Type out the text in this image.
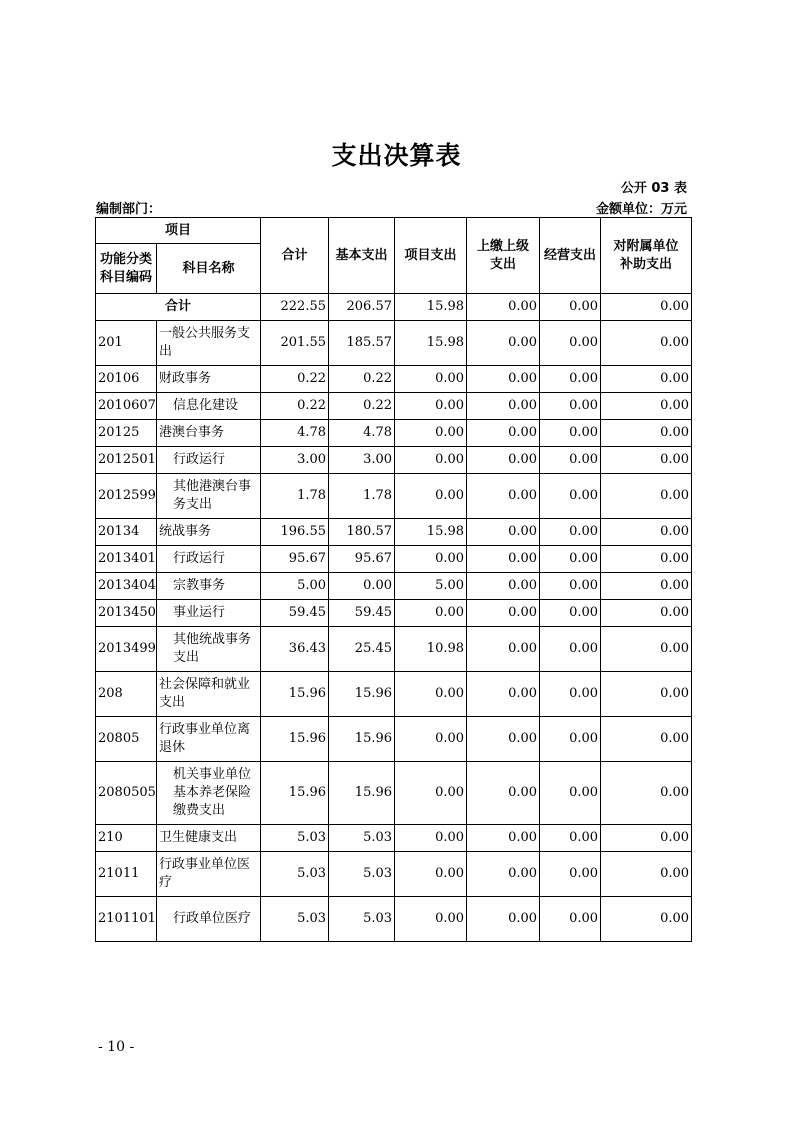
支出决算表
公开 03 表
编制部门：	金额单位：万元
项目		合计	基本支出	项目支出	上缴上级支出	经营支出	对附属单位补助支出
功能分类科目编码	科目名称						
合计		222.55	206.57	15.98	0.00	0.00	0.00
201	一般公共服务支出	201.55	185.57	15.98	0.00	0.00	0.00
20106	财政事务	0.22	0.22	0.00	0.00	0.00	0.00
2010607	信息化建设	0.22	0.22	0.00	0.00	0.00	0.00
20125	港澳台事务	4.78	4.78	0.00	0.00	0.00	0.00
2012501	行政运行	3.00	3.00	0.00	0.00	0.00	0.00
2012599	其他港澳台事务支出	1.78	1.78	0.00	0.00	0.00	0.00
20134	统战事务	196.55	180.57	15.98	0.00	0.00	0.00
2013401	行政运行	95.67	95.67	0.00	0.00	0.00	0.00
2013404	宗教事务	5.00	0.00	5.00	0.00	0.00	0.00
2013450	事业运行	59.45	59.45	0.00	0.00	0.00	0.00
2013499	其他统战事务支出	36.43	25.45	10.98	0.00	0.00	0.00
208	社会保障和就业支出	15.96	15.96	0.00	0.00	0.00	0.00
20805	行政事业单位离退休	15.96	15.96	0.00	0.00	0.00	0.00
2080505	机关事业单位基本养老保险缴费支出	15.96	15.96	0.00	0.00	0.00	0.00
210	卫生健康支出	5.03	5.03	0.00	0.00	0.00	0.00
21011	行政事业单位医疗	5.03	5.03	0.00	0.00	0.00	0.00
2101101	行政单位医疗	5.03	5.03	0.00	0.00	0.00	0.00
- 10 -
